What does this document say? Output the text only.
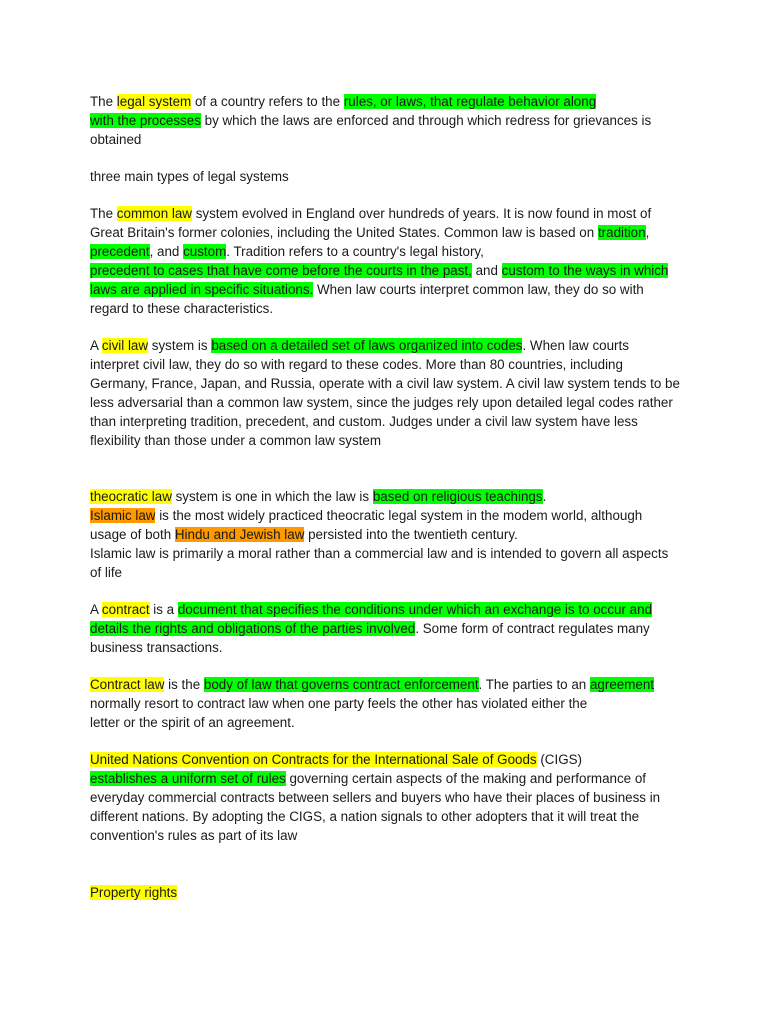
The legal system of a country refers to the rules, or laws, that regulate behavior along
with the processes by which the laws are enforced and through which redress for grievances is obtained

three main types of legal systems

The common law system evolved in England over hundreds of years. It is now found in most of Great Britain's former colonies, including the United States. Common law is based on tradition,
precedent, and custom. Tradition refers to a country's legal history,
precedent to cases that have come before the courts in the past, and custom to the ways in which laws are applied in specific situations. When law courts interpret common law, they do so with regard to these characteristics.

A civil law system is based on a detailed set of laws organized into codes. When law courts interpret civil law, they do so with regard to these codes. More than 80 countries, including Germany, France, Japan, and Russia, operate with a civil law system. A civil law system tends to be less adversarial than a common law system, since the judges rely upon detailed legal codes rather than interpreting tradition, precedent, and custom. Judges under a civil law system have less flexibility than those under a common law system

theocratic law system is one in which the law is based on religious teachings.
Islamic law is the most widely practiced theocratic legal system in the modem world, although usage of both Hindu and Jewish law persisted into the twentieth century.
Islamic law is primarily a moral rather than a commercial law and is intended to govern all aspects of life

A contract is a document that specifies the conditions under which an exchange is to occur and details the rights and obligations of the parties involved. Some form of contract regulates many business transactions.

Contract law is the body of law that governs contract enforcement. The parties to an agreement
normally resort to contract law when one party feels the other has violated either the
letter or the spirit of an agreement.

United Nations Convention on Contracts for the International Sale of Goods (CIGS)
establishes a uniform set of rules governing certain aspects of the making and performance of everyday commercial contracts between sellers and buyers who have their places of business in different nations. By adopting the CIGS, a nation signals to other adopters that it will treat the convention's rules as part of its law

Property rights
